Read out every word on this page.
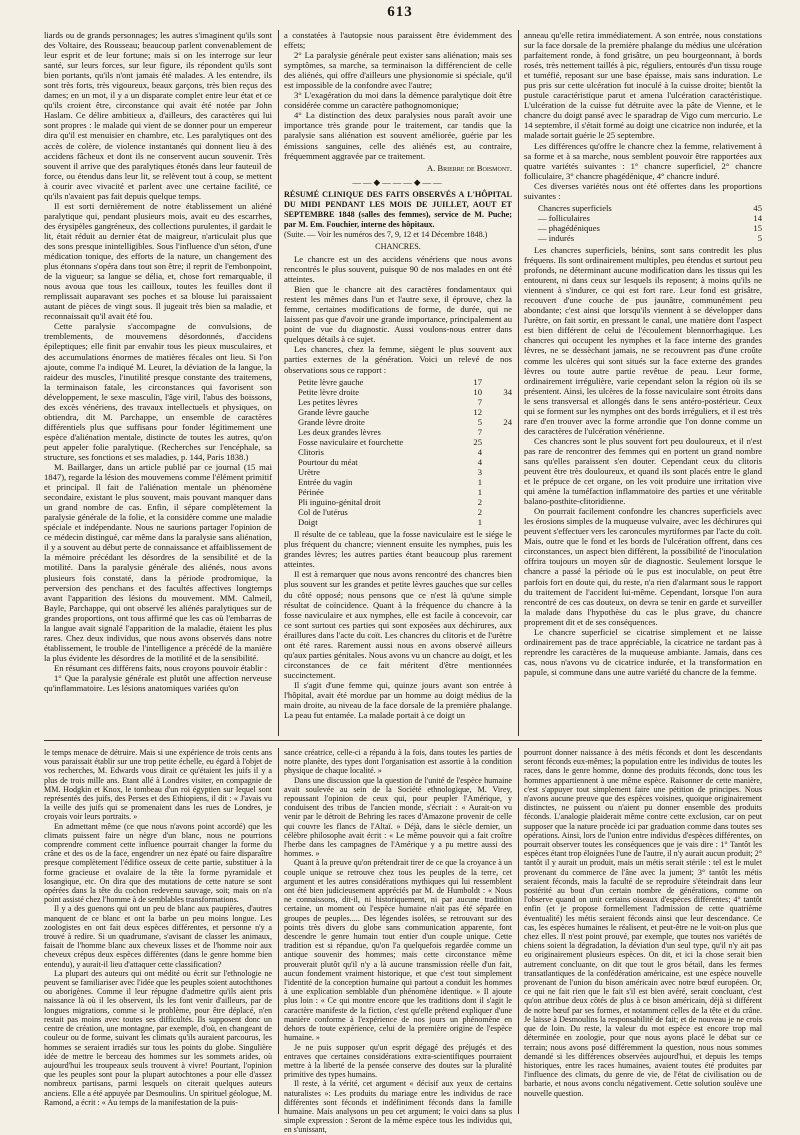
613

liards ou de grands personnages; les autres s'imaginent qu'ils sont des Voltaire, des Rousseau; beaucoup parlent convenablement de leur esprit et de leur fortune; mais si on les interroge sur leur santé, sur leurs forces, sur leur figure, ils répondent qu'ils sont bien portants, qu'ils n'ont jamais été malades. A les entendre, ils sont très forts, très vigoureux, beaux garçons, très bien reçus des dames; en un mot, il y a un disparate complet entre leur état et ce qu'ils croient être, circonstance qui avait été notée par John Haslam. Ce délire ambitieux a, d'ailleurs, des caractères qui lui sont propres : le malade qui vient de se donner pour un empereur dira qu'il est menuisier en chambre, etc. Les paralytiques ont des accès de colère, de violence instantanés qui donnent lieu à des accidens fâcheux et dont ils ne conservent aucun souvenir. Très souvent il arrive que des paralytiques étonés dans leur fauteuil de force, ou étendus dans leur lit, se relèvent tout à coup, se mettent à courir avec vivacité et parlent avec une certaine facilité, ce qu'ils n'avaient pas fait depuis quelque temps.

Il est sorti dernièrement de notre établissement un aliéné paralytique qui, pendant plusieurs mois, avait eu des escarrhes, des érysipèles gangréneux, des collections purulentes, il gardait le lit, était réduit au dernier état de maigreur, n'articulait plus que des sons presque inintelligibles. Sous l'influence d'un séton, d'une médication tonique, des efforts de la nature, un changement des plus étonnans s'opéra dans tout son être; il reprit de l'embonpoint, de la vigueur; sa langue se délia, et, chose fort remarquable, il nous avoua que tous les cailloux, toutes les feuilles dont il remplissait auparavant ses poches et sa blouse lui paraissaient autant de pièces de vingt sous. Il jugeait très bien sa maladie, et reconnaissait qu'il avait été fou.

Cette paralysie s'accompagne de convulsions, de tremblements, de mouvemens désordonnés, d'accidens épileptiques; elle finit par envahir tous les pieux musculaires, et des accumulations énormes de matières fécales ont lieu. Si l'on ajoute, comme l'a indiqué M. Leuret, la déviation de la langue, la raideur des muscles, l'inutilité presque constante des traitemens, la terminaison fatale, les circonstances qui favorisent son développement, le sexe masculin, l'âge viril, l'abus des boissons, des excès vénériens, des travaux intellectuels et physiques, on obtiendra, dit M. Parchappe, un ensemble de caractères différentiels plus que suffisans pour fonder légitimement une espèce d'aliénation mentale, distincte de toutes les autres, qu'on peut appeler folie paralytique. (Recherches sur l'encéphale, sa structure, ses fonctions et ses maladies, p. 144, Paris 1838.)

M. Baillarger, dans un article publié par ce journal (15 mai 1847), regarde la lésion des mouvemens comme l'élément primitif et principal. Il fait de l'aliénation mentale un phénomène secondaire, existant le plus souvent, mais pouvant manquer dans un grand nombre de cas. Enfin, il sépare complètement la paralysie générale de la folie, et la considère comme une maladie spéciale et indépendante. Nous ne saurions partager l'opinion de ce médecin distingué, car même dans la paralysie sans aliénation, il y a souvent au début perte de connaissance et affaiblissement de la mémoire précédant les désordres de la sensibilité et de la motilité. Dans la paralysie générale des aliénés, nous avons plusieurs fois constaté, dans la période prodromique, la perversion des penchans et des facultés affectives longtemps avant l'apparition des lésions du mouvement. MM. Calmeil, Bayle, Parchappe, qui ont observé les aliénés paralytiques sur de grandes proportions, ont tous affirmé que les cas où l'embarras de la langue avait signalé l'apparition de la maladie, étaient les plus rares. Chez deux individus, que nous avons observés dans notre établissement, le trouble de l'intelligence a précédé de la manière la plus évidente les désordres de la motilité et de la sensibilité.

En résumant ces différens faits, nous croyons pouvoir établir :

1° Que la paralysie générale est plutôt une affection nerveuse qu'inflammatoire. Les lésions anatomiques variées qu'on

a constatées à l'autopsie nous paraissent être évidemment des effets;

2° La paralysie générale peut exister sans aliénation; mais ses symptômes, sa marche, sa terminaison la différencient de celle des aliénés, qui offre d'ailleurs une physionomie si spéciale, qu'il est impossible de la confondre avec l'autre;

3° L'exagération du moi dans la démence paralytique doit être considérée comme un caractère pathognomonique;

4° La distinction des deux paralysies nous paraît avoir une importance très grande pour le traitement, car tandis que la paralysie sans aliénation est souvent améliorée, guérie par les émissions sanguines, celle des aliénés est, au contraire, fréquemment aggravée par ce traitement.

A. Brierre de Boismont.
——◆———◆——

RÉSUMÉ CLINIQUE DES FAITS OBSERVÉS A L'HÔPITAL DU MIDI PENDANT LES MOIS DE JUILLET, AOUT ET SEPTEMBRE 1848 (salles des femmes), service de M. Puche; par M. Em. Fouchier, interne des hôpitaux.

(Suite. — Voir les numéros des 7, 9, 12 et 14 Décembre 1848.)

CHANCRES.

Le chancre est un des accidens vénériens que nous avons rencontrés le plus souvent, puisque 90 de nos malades en ont été atteintes.

Bien que le chancre ait des caractères fondamentaux qui restent les mêmes dans l'un et l'autre sexe, il éprouve, chez la femme, certaines modifications de forme, de durée, qui ne laissent pas que d'avoir une grande importance, principalement au point de vue du diagnostic. Aussi voulons-nous entrer dans quelques détails à ce sujet.

Les chancres, chez la femme, siègent le plus souvent aux parties externes de la génération. Voici un relevé de nos observations sous ce rapport :

Petite lèvre gauche	17	
Petite lèvre droite	10	34
Les petites lèvres	7	
Grande lèvre gauche	12	
Grande lèvre droite	5	24
Les deux grandes lèvres	7	
Fosse naviculaire et fourchette	25	
Clitoris	4	
Pourtour du méat	4	
Urètre	3	
Entrée du vagin	1	
Périnée	1	
Pli inguino-génital droit	2	
Col de l'utérus	2	
Doigt	1	

Il résulte de ce tableau, que la fosse naviculaire est le siége le plus fréquent du chancre; viennent ensuite les nymphes, puis les grandes lèvres; les autres parties étant beaucoup plus rarement atteintes.

Il est à remarquer que nous avons rencontré des chancres bien plus souvent sur les grandes et petite lèvres gauches que sur celles du côté opposé; nous pensons que ce n'est là qu'une simple résultat de coïncidence. Quant à la fréquence du chancre à la fosse naviculaire et aux nymphes, elle est facile à concevoir, car ce sont surtout ces parties qui sont exposées aux déchirures, aux éraillures dans l'acte du coït. Les chancres du clitoris et de l'urètre ont été rares. Rarement aussi nous en avons observé ailleurs qu'aux parties génitales. Nous avons vu un chancre au doigt, et les circonstances de ce fait méritent d'être mentionnées succinctement.

Il s'agit d'une femme qui, quinze jours avant son entrée à l'hôpital, avait été mordue par un homme au doigt médius de la main droite, au niveau de la face dorsale de la première phalange. La peau fut entamée. La malade portait à ce doigt un

anneau qu'elle retira immédiatement. A son entrée, nous constations sur la face dorsale de la première phalange du médius une ulcération parfaitement ronde, à fond grisâtre, un peu bourgeonnant, à bords rosés, très nettement taillés à pic, réguliers, entourés d'un tissu rouge et tuméfié, reposant sur une base épaisse, mais sans induration. Le pus pris sur cette ulcération fut inoculé à la cuisse droite; bientôt la pustule caractéristique parut et amena l'ulcération caractéristique. L'ulcération de la cuisse fut détruite avec la pâte de Vienne, et le chancre du doigt pansé avec le sparadrap de Vigo cum mercurio. Le 14 septembre, il s'était formé au doigt une cicatrice non indurée, et la malade sortait guérie le 25 septembre.

Les différences qu'offre le chancre chez la femme, relativement à sa forme et à sa marche, nous semblent pouvoir être rapportées aux quatre variétés suivantes : 1° chancre superficiel, 2° chancre folliculaire, 3° chancre phagédénique, 4° chancre induré.

Ces diverses variétés nous ont été offertes dans les proportions suivantes :

Chancres superficiels	45
— folliculaires	14
— phagédéniques	15
— indurés	5

Les chancres superficiels, bénins, sont sans contredit les plus fréquens. Ils sont ordinairement multiples, peu étendus et surtout peu profonds, ne déterminant aucune modification dans les tissus qui les entourent, ni dans ceux sur lesquels ils reposent; à moins qu'ils ne viennent à s'indurer, ce qui est fort rare. Leur fond est grisâtre, recouvert d'une couche de pus jaunâtre, communément peu abondante; c'est ainsi que lorsqu'ils viennent à se développer dans l'urètre, on fait sortir, en pressant le canal, une matière dont l'aspect est bien différent de celui de l'écoulement blennorrhagique. Les chancres qui occupent les nymphes et la face interne des grandes lèvres, ne se dessèchant jamais, ne se recouvrent pas d'une croûte comme les ulcères qui sont situés sur la face externe des grandes lèvres ou toute autre partie revêtue de peau. Leur forme, ordinairement irrégulière, varie cependant selon la région où ils se présentent. Ainsi, les ulcères de la fosse naviculaire sont étroits dans le sens transversal et allongés dans le sens antéro-postérieur. Ceux qui se forment sur les nymphes ont des bords irréguliers, et il est très rare d'en trouver avec la forme arrondie que l'on donne comme un des caractères de l'ulcération vénérienne.

Ces chancres sont le plus souvent fort peu douloureux, et il n'est pas rare de rencontrer des femmes qui en portent un grand nombre sans qu'elles paraissent s'en douter. Cependant ceux du clitoris peuvent être très douloureux, et quand ils sont placés entre le gland et le prépuce de cet organe, on les voit produire une irritation vive qui amène la tuméfaction inflammatoire des parties et une véritable balano-posthite-clitoridienne.

On pourrait facilement confondre les chancres superficiels avec les érosions simples de la muqueuse vulvaire, avec les déchirures qui peuvent s'effectuer vers les caroncules myrtiformes par l'acte du coït. Mais, outre que le fond et les bords de l'ulcération offrent, dans ces circonstances, un aspect bien différent, la possibilité de l'inoculation offrira toujours un moyen sûr de diagnostic. Seulement lorsque le chancre a passé la période où le pus est inoculable, on peut être parfois fort en doute qui, du reste, n'a rien d'alarmant sous le rapport du traitement de l'accident lui-même. Cependant, lorsque l'on aura rencontré de ces cas douteux, on devra se tenir en garde et surveiller la malade dans l'hypothèse du cas le plus grave, du chancre proprement dit et de ses conséquences.

Le chancre superficiel se cicatrise simplement et ne laisse ordinairement pas de trace appréciable, la cicatrice ne tardant pas à reprendre les caractères de la muqueuse ambiante. Jamais, dans ces cas, nous n'avons vu de cicatrice indurée, et la transformation en papule, si commune dans une autre variété du chancre de la femme.

le temps menace de détruire. Mais si une expérience de trois cents ans vous paraissait établir sur une trop petite échelle, eu égard à l'objet de vos recherches, M. Edwards vous dirait ce qu'étaient les juifs il y a plus de trois mille ans. Etant allé à Londres visiter, en compagnie de MM. Hodgkin et Knox, le tombeau d'un roi égyptien sur lequel sont représentés des juifs, des Perses et des Ethiopiens, il dit : « J'avais vu la veille des juifs qui se promenaient dans les rues de Londres, je croyais voir leurs portraits. »

En admettant même (ce que nous n'avons point accordé) que les climats puissent faire un nègre d'un blanc, nous ne pourrions comprendre comment cette influence pourrait changer la forme du crâne et des os de la face, engendrer un nez épaté ou faire disparaître presque complètement l'édifice osseux de cette partie, substituer à la forme gracieuse et ovalaire de la tête la forme pyramidale et losangique, etc. On dira que des mutations de cette nature se sont opérées dans la tête du cochon redevenu sauvage, soit; mais on n'a point assisté chez l'homme à de semblables transformations.

Il y a des guenons qui ont un peu de blanc aux paupières, d'autres manquent de ce blanc et ont la barbe un peu moins longue. Les zoologistes en ont fait deux espèces différentes, et personne n'y a trouvé à redire. Si un quadrumane, s'avisant de classer les animaux, faisait de l'homme blanc aux cheveux lisses et de l'homme noir aux cheveux crépus deux espèces différentes (dans le genre homme bien entendu), y aurait-il lieu d'attaquer cette classification?

La plupart des auteurs qui ont médité ou écrit sur l'ethnologie ne peuvent se familiariser avec l'idée que les peuples soient autochthones ou aborigènes. Comme il leur répugne d'admettre qu'ils aient pris naissance là où il les observent, ils les font venir d'ailleurs, par de longues migrations, comme si le problème, pour être déplacé, n'en restait pas moins avec toutes ses difficultés. Ils supposent donc un centre de création, une montagne, par exemple, d'où, en changeant de couleur ou de forme, suivant les climats qu'ils auraient parcourus, les hommes se seraient irradiés sur tous les points du globe. Singulière idée de mettre le berceau des hommes sur les sommets arides, où aujourd'hui les troupeaux seuls trouvent à vivre! Pourtant, l'opinion que les peuples sont pour la plupart autochtones a pour elle d'assez nombreux partisans, parmi lesquels on citerait quelques auteurs anciens. Elle a été appuyée par Desmoulins. Un spirituel géologue, M. Ramond, a écrit : « Au temps de la manifestation de la puis-

sance créatrice, celle-ci a répandu à la fois, dans toutes les parties de notre planète, des types dont l'organisation est assortie à la condition physique de chaque localité. »

Dans une discussion que la question de l'unité de l'espèce humaine avait soulevée au sein de la Société ethnologique, M. Virey, repoussant l'opinion de ceux qui, pour peupler l'Amérique, y conduisent des tribus de l'ancien monde, s'écriait : « Aurait-on vu venir par le détroit de Behring les races d'Amazone provenir de celle qui couvre les flancs de l'Altaï. » Déjà, dans le siècle dernier, un célèbre philosophe avait écrit : « Le même pouvoir qui a fait croître l'herbe dans les campagnes de l'Amérique y a pu mettre aussi des hommes. »

Quant à la preuve qu'on prétendrait tirer de ce que la croyance à un couple unique se retrouve chez tous les peuples de la terre, cet argument et les autres considérations mythiques qui lui ressemblent ont été bien judicieusement appréciés par M. de Humboldt : « Nous ne connaissons, dit-il, ni historiquement, ni par aucune tradition certaine, un moment où l'espèce humaine n'ait pas été séparée en groupes de peuples..... Des légendes isolées, se retrouvant sur des points très divers du globe sans communication apparente, font descendre le genre humain tout entier d'un couple unique. Cette tradition est si répandue, qu'on l'a quelquefois regardée comme un antique souvenir des hommes; mais cette circonstance même prouverait plutôt qu'il n'y a là aucune transmission réelle d'un fait, aucun fondement vraiment historique, et que c'est tout simplement l'identité de la conception humaine qui partout a conduit les hommes à une explication semblable d'un phénomène identique. » Il ajoute plus loin : « Ce qui montre encore que les traditions dont il s'agit le caractère manifeste de la fiction, c'est qu'elle prétend expliquer d'une manière conforme à l'expérience de nos jours un phénomène en dehors de toute expérience, celui de la première origine de l'espèce humaine. »

Je ne puis supposer qu'un esprit dégagé des préjugés et des entraves que certaines considérations extra-scientifiques pourraient mettre à la liberté de la pensée conserve des doutes sur la pluralité primitive des types humains.

Il reste, à la vérité, cet argument « décisif aux yeux de certains naturalistes »: Les produits du mariage entre les individus de race différentes sont féconds et indéfiniment féconds dans la famille humaine. Mais analysons un peu cet argument; le voici dans sa plus simple expression : Seront de la même espèce tous les individus qui, en s'unissant,

pourront donner naissance à des métis féconds et dont les descendants seront féconds eux-mêmes; la population entre les individus de toutes les races, dans le genre homme, donne des produits féconds, donc tous les hommes appartiennent à une même espèce. Raisonner de cette manière, c'est s'appuyer tout simplement faire une pétition de principes. Nous n'avons aucune preuve que des espèces voisines, quoique originairement distinctes, ne puissent ou n'aient pu donner ensemble des produits féconds. L'analogie plaiderait même contre cette exclusion, car on peut supposer que la nature procède ici par graduation comme dans toutes ses opérations. Ainsi, lors de l'union entre individus d'espèces différentes, on pourrait observer toutes les conséquences que je vais dire : 1° Tantôt les espèces étant trop éloignées l'une de l'autre, il n'y aurait aucun produit; 2° tantôt il y aurait un produit, mais un métis serait stérile : tel est le mulet provenant du commerce de l'âne avec la jument; 3° tantôt les métis seraient féconds, mais la faculté de se reproduire s'éteindrait dans leur postérité au bout d'un certain nombre de générations, comme on l'observe quand on unit certains oiseaux d'espèces différentes; 4° tantôt enfin (et je propose formellement l'admission de cette quatrième éventualité) les métis seraient féconds ainsi que leur descendance. Ce cas, les espèces humaines le réalisent, et peut-être ne le voit-on plus que chez elles. Il n'est point prouvé, par exemple, que toutes nos variétés de chiens soient la dégradation, la déviation d'un seul type, qu'il n'y ait pas eu originairement plusieurs espèces. On dit, et ici la chose serait bien autrement concluante, on dit que tout le gros bétail, dans les fermes transatlantiques de la confédération américaine, est une espèce nouvelle provenant de l'union du bison américain avec notre bœuf européen. Or, ce qui ne fait rien que le fait s'il est bien avéré, serait concluant, c'est qu'on attribue deux côtés de plus à ce bison américain, déjà si différent de notre bœuf par ses formes, et notamment celles de la tête et du crâne. Je laisse à Desmoulins la responsabilité de fait; et de nouveau je ne crois que de loin. Du reste, la valeur du mot espèce est encore trop mal déterminée en zoologie, pour que nous ayons placé le débat sur ce terrain; nous avons posé différemment la question, nous nous sommes demandé si les différences observées aujourd'hui, et depuis les temps historiques, entre les races humaines, avaient toutes été produites par l'influence des climats, du genre de vie, de l'état de civilisation ou de barbarie, et nous avons conclu négativement. Cette solution soulève une nouvelle question.
